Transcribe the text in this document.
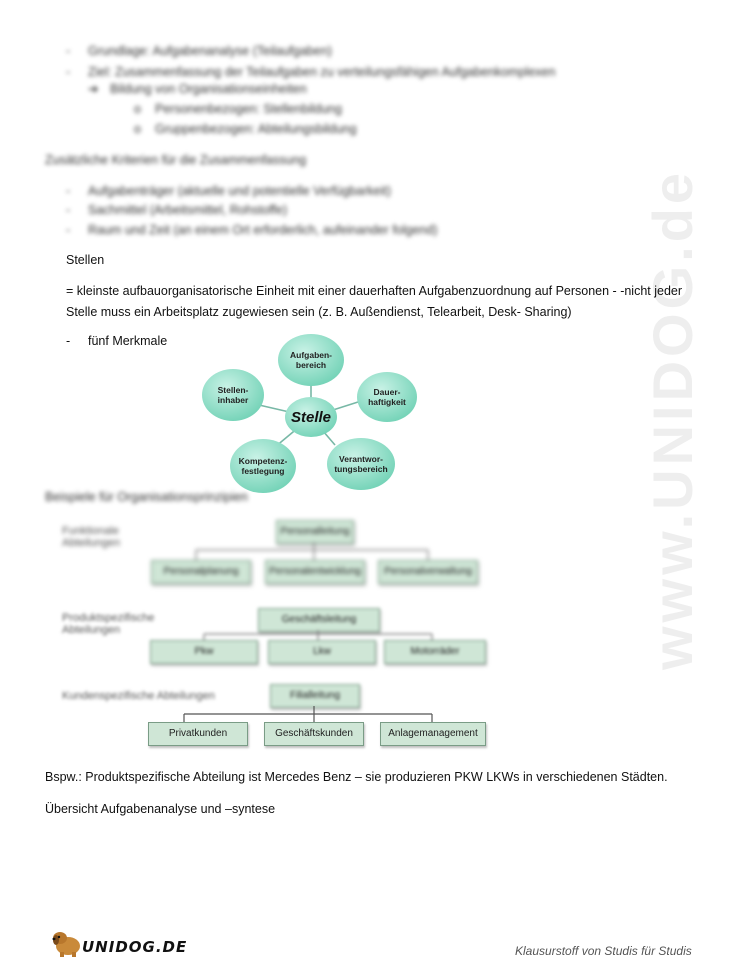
www.UNIDOG.de
- Grundlage: Aufgabenanalyse (Teilaufgaben)
- Ziel: Zusammenfassung der Teilaufgaben zu verteilungsfähigen Aufgabenkomplexen
➔ Bildung von Organisationseinheiten
o Personenbezogen: Stellenbildung
o Gruppenbezogen: Abteilungsbildung
Zusätzliche Kriterien für die Zusammenfassung
- Aufgabenträger (aktuelle und potentielle Verfügbarkeit)
- Sachmittel (Arbeitsmittel, Rohstoffe)
- Raum und Zeit (an einem Ort erforderlich, aufeinander folgend)
Stellen
= kleinste aufbauorganisatorische Einheit mit einer dauerhaften Aufgabenzuordnung auf Personen - -nicht jeder Stelle muss ein Arbeitsplatz zugewiesen sein (z. B. Außendienst, Telearbeit, Desk- Sharing)
- fünf Merkmale
Stelle
Aufgaben-
bereich
Dauer-
haftigkeit
Verantwor-
tungsbereich
Kompetenz-
festlegung
Stellen-
inhaber
Beispiele für Organisationsprinzipien
Funktionale Abteilungen
Personalleitung
Personalplanung	Personalentwicklung	Personalverwaltung
Produktspezifische Abteilungen
Geschäftsleitung
Pkw	Lkw	Motorräder
Kundenspezifische Abteilungen	Filialleitung
Privatkunden	Geschäftskunden	Anlagemanagement
Bspw.: Produktspezifische Abteilung ist Mercedes Benz – sie produzieren PKW LKWs in verschiedenen Städten.
Übersicht Aufgabenanalyse und –syntese
UNIDOG.DE	Klausurstoff von Studis für Studis
